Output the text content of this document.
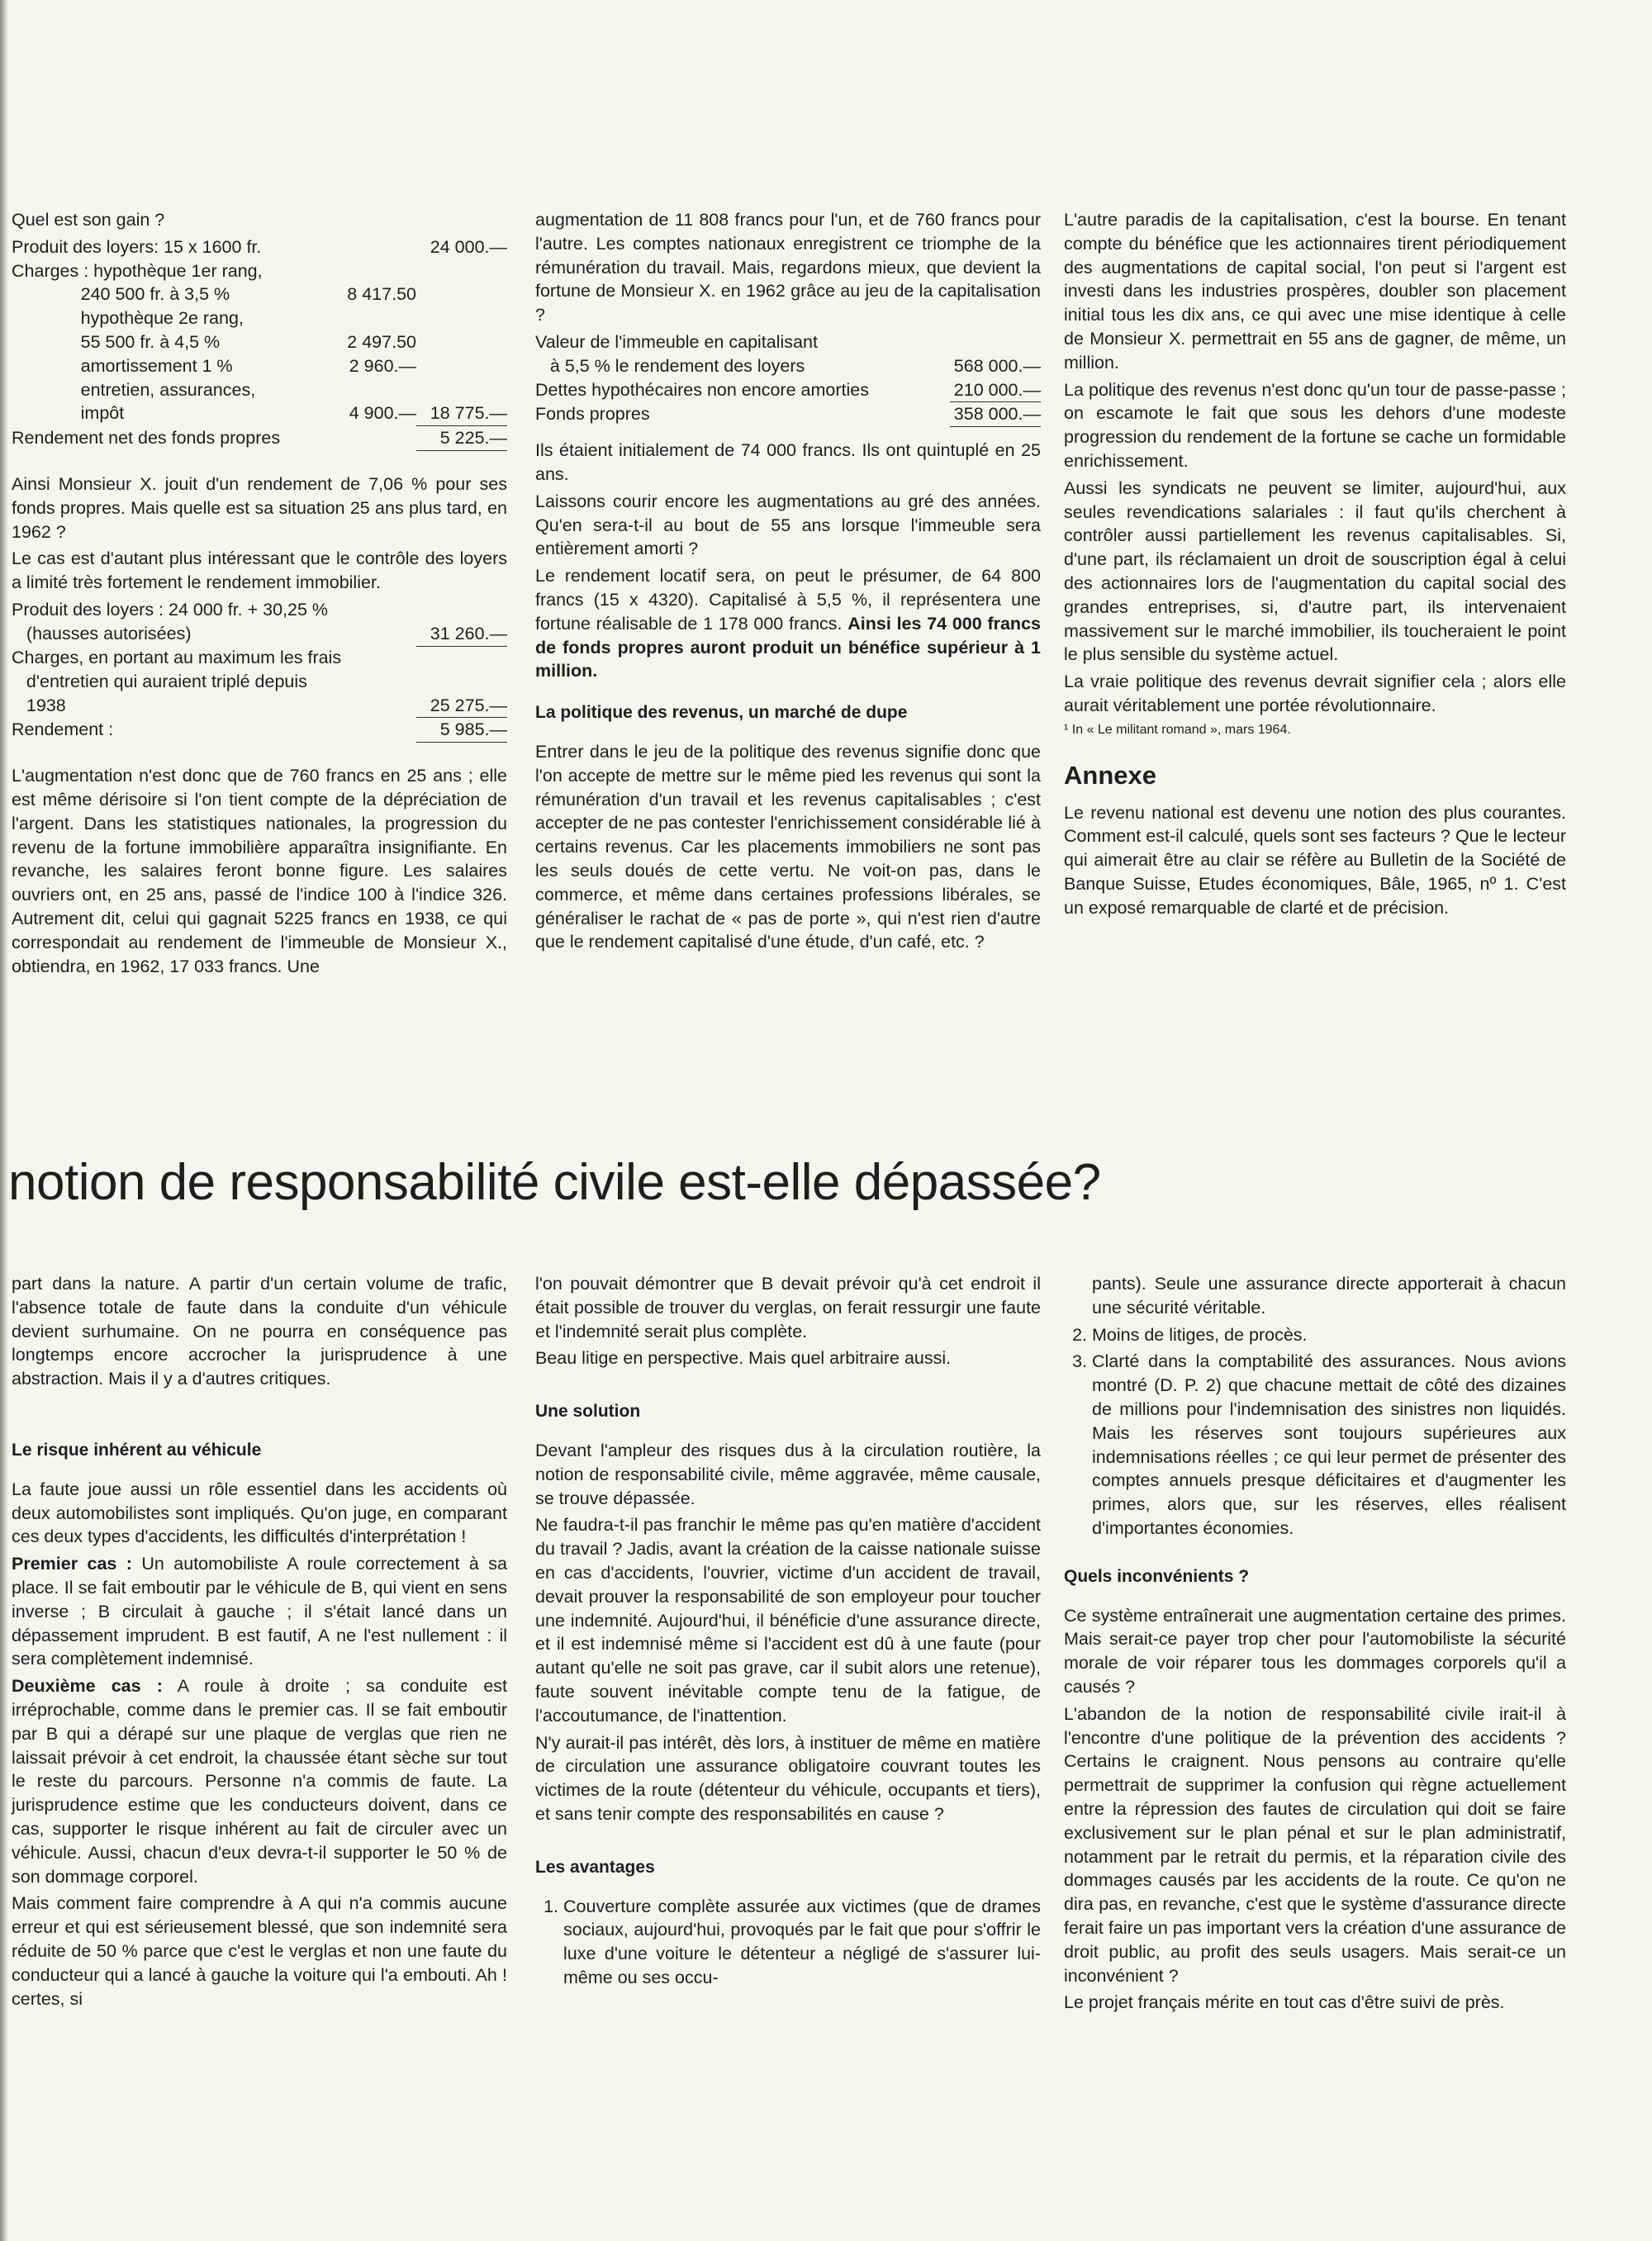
Quel est son gain ?

Produit des loyers: 15 x 1600 fr.		24 000.—
Charges : hypothèque 1er rang,		
240 500 fr. à 3,5 %	8 417.50	
hypothèque 2e rang,		
55 500 fr. à 4,5 %	2 497.50	
amortissement 1 %	2 960.—	
entretien, assurances,		
impôt	4 900.—	18 775.—
Rendement net des fonds propres		5 225.—

Ainsi Monsieur X. jouit d'un rendement de 7,06 % pour ses fonds propres. Mais quelle est sa situation 25 ans plus tard, en 1962 ?

Le cas est d'autant plus intéressant que le contrôle des loyers a limité très fortement le rendement immobilier.

Produit des loyers : 24 000 fr. + 30,25 %	
(hausses autorisées)	31 260.—
Charges, en portant au maximum les frais	
d'entretien qui auraient triplé depuis	
1938	25 275.—
Rendement :	5 985.—

L'augmentation n'est donc que de 760 francs en 25 ans ; elle est même dérisoire si l'on tient compte de la dépréciation de l'argent. Dans les statistiques nationales, la progression du revenu de la fortune immobilière apparaîtra insignifiante. En revanche, les salaires feront bonne figure. Les salaires ouvriers ont, en 25 ans, passé de l'indice 100 à l'indice 326. Autrement dit, celui qui gagnait 5225 francs en 1938, ce qui correspondait au rendement de l'immeuble de Monsieur X., obtiendra, en 1962, 17 033 francs. Une

augmentation de 11 808 francs pour l'un, et de 760 francs pour l'autre. Les comptes nationaux enregistrent ce triomphe de la rémunération du travail. Mais, regardons mieux, que devient la fortune de Monsieur X. en 1962 grâce au jeu de la capitalisation ?

Valeur de l'immeuble en capitalisant	
à 5,5 % le rendement des loyers	568 000.—
Dettes hypothécaires non encore amorties	210 000.—
Fonds propres	358 000.—

Ils étaient initialement de 74 000 francs. Ils ont quintuplé en 25 ans.

Laissons courir encore les augmentations au gré des années. Qu'en sera-t-il au bout de 55 ans lorsque l'immeuble sera entièrement amorti ?

Le rendement locatif sera, on peut le présumer, de 64 800 francs (15 x 4320). Capitalisé à 5,5 %, il représentera une fortune réalisable de 1 178 000 francs. Ainsi les 74 000 francs de fonds propres auront produit un bénéfice supérieur à 1 million.

La politique des revenus, un marché de dupe

Entrer dans le jeu de la politique des revenus signifie donc que l'on accepte de mettre sur le même pied les revenus qui sont la rémunération d'un travail et les revenus capitalisables ; c'est accepter de ne pas contester l'enrichissement considérable lié à certains revenus. Car les placements immobiliers ne sont pas les seuls doués de cette vertu. Ne voit-on pas, dans le commerce, et même dans certaines professions libérales, se généraliser le rachat de « pas de porte », qui n'est rien d'autre que le rendement capitalisé d'une étude, d'un café, etc. ?

L'autre paradis de la capitalisation, c'est la bourse. En tenant compte du bénéfice que les actionnaires tirent périodiquement des augmentations de capital social, l'on peut si l'argent est investi dans les industries prospères, doubler son placement initial tous les dix ans, ce qui avec une mise identique à celle de Monsieur X. permettrait en 55 ans de gagner, de même, un million.

La politique des revenus n'est donc qu'un tour de passe-passe ; on escamote le fait que sous les dehors d'une modeste progression du rendement de la fortune se cache un formidable enrichissement.

Aussi les syndicats ne peuvent se limiter, aujourd'hui, aux seules revendications salariales : il faut qu'ils cherchent à contrôler aussi partiellement les revenus capitalisables. Si, d'une part, ils réclamaient un droit de souscription égal à celui des actionnaires lors de l'augmentation du capital social des grandes entreprises, si, d'autre part, ils intervenaient massivement sur le marché immobilier, ils toucheraient le point le plus sensible du système actuel.

La vraie politique des revenus devrait signifier cela ; alors elle aurait véritablement une portée révolutionnaire.

¹ In « Le militant romand », mars 1964.

Annexe

Le revenu national est devenu une notion des plus courantes. Comment est-il calculé, quels sont ses facteurs ? Que le lecteur qui aimerait être au clair se réfère au Bulletin de la Société de Banque Suisse, Etudes économiques, Bâle, 1965, nº 1. C'est un exposé remarquable de clarté et de précision.

notion de responsabilité civile est-elle dépassée?

part dans la nature. A partir d'un certain volume de trafic, l'absence totale de faute dans la conduite d'un véhicule devient surhumaine. On ne pourra en conséquence pas longtemps encore accrocher la jurisprudence à une abstraction. Mais il y a d'autres critiques.

Le risque inhérent au véhicule

La faute joue aussi un rôle essentiel dans les accidents où deux automobilistes sont impliqués. Qu'on juge, en comparant ces deux types d'accidents, les difficultés d'interprétation !

Premier cas : Un automobiliste A roule correctement à sa place. Il se fait emboutir par le véhicule de B, qui vient en sens inverse ; B circulait à gauche ; il s'était lancé dans un dépassement imprudent. B est fautif, A ne l'est nullement : il sera complètement indemnisé.

Deuxième cas : A roule à droite ; sa conduite est irréprochable, comme dans le premier cas. Il se fait emboutir par B qui a dérapé sur une plaque de verglas que rien ne laissait prévoir à cet endroit, la chaussée étant sèche sur tout le reste du parcours. Personne n'a commis de faute. La jurisprudence estime que les conducteurs doivent, dans ce cas, supporter le risque inhérent au fait de circuler avec un véhicule. Aussi, chacun d'eux devra-t-il supporter le 50 % de son dommage corporel.

Mais comment faire comprendre à A qui n'a commis aucune erreur et qui est sérieusement blessé, que son indemnité sera réduite de 50 % parce que c'est le verglas et non une faute du conducteur qui a lancé à gauche la voiture qui l'a embouti. Ah ! certes, si

l'on pouvait démontrer que B devait prévoir qu'à cet endroit il était possible de trouver du verglas, on ferait ressurgir une faute et l'indemnité serait plus complète.

Beau litige en perspective. Mais quel arbitraire aussi.

Une solution

Devant l'ampleur des risques dus à la circulation routière, la notion de responsabilité civile, même aggravée, même causale, se trouve dépassée.

Ne faudra-t-il pas franchir le même pas qu'en matière d'accident du travail ? Jadis, avant la création de la caisse nationale suisse en cas d'accidents, l'ouvrier, victime d'un accident de travail, devait prouver la responsabilité de son employeur pour toucher une indemnité. Aujourd'hui, il bénéficie d'une assurance directe, et il est indemnisé même si l'accident est dû à une faute (pour autant qu'elle ne soit pas grave, car il subit alors une retenue), faute souvent inévitable compte tenu de la fatigue, de l'accoutumance, de l'inattention.

N'y aurait-il pas intérêt, dès lors, à instituer de même en matière de circulation une assurance obligatoire couvrant toutes les victimes de la route (détenteur du véhicule, occupants et tiers), et sans tenir compte des responsabilités en cause ?

Les avantages
1. Couverture complète assurée aux victimes (que de drames sociaux, aujourd'hui, provoqués par le fait que pour s'offrir le luxe d'une voiture le détenteur a négligé de s'assurer lui-même ou ses occu-

pants). Seule une assurance directe apporterait à chacun une sécurité véritable.

2. Moins de litiges, de procès.
3. Clarté dans la comptabilité des assurances. Nous avions montré (D. P. 2) que chacune mettait de côté des dizaines de millions pour l'indemnisation des sinistres non liquidés. Mais les réserves sont toujours supérieures aux indemnisations réelles ; ce qui leur permet de présenter des comptes annuels presque déficitaires et d'augmenter les primes, alors que, sur les réserves, elles réalisent d'importantes économies.
Quels inconvénients ?

Ce système entraînerait une augmentation certaine des primes. Mais serait-ce payer trop cher pour l'automobiliste la sécurité morale de voir réparer tous les dommages corporels qu'il a causés ?

L'abandon de la notion de responsabilité civile irait-il à l'encontre d'une politique de la prévention des accidents ? Certains le craignent. Nous pensons au contraire qu'elle permettrait de supprimer la confusion qui règne actuellement entre la répression des fautes de circulation qui doit se faire exclusivement sur le plan pénal et sur le plan administratif, notamment par le retrait du permis, et la réparation civile des dommages causés par les accidents de la route. Ce qu'on ne dira pas, en revanche, c'est que le système d'assurance directe ferait faire un pas important vers la création d'une assurance de droit public, au profit des seuls usagers. Mais serait-ce un inconvénient ?

Le projet français mérite en tout cas d'être suivi de près.
